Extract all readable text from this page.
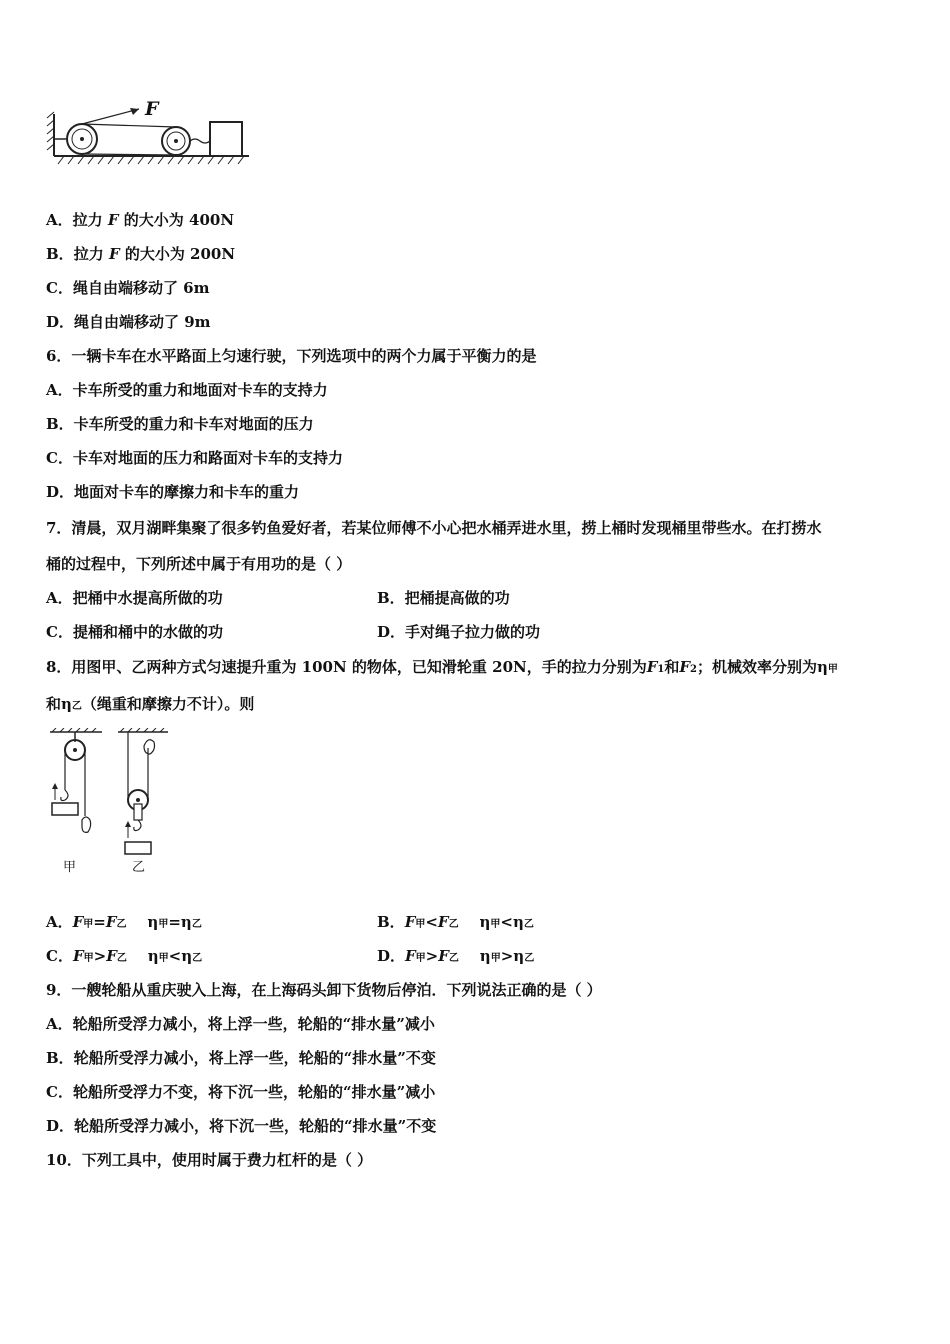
F
A．拉力 F 的大小为 400N
B．拉力 F 的大小为 200N
C．绳自由端移动了 6m
D．绳自由端移动了 9m
6．一辆卡车在水平路面上匀速行驶，下列选项中的两个力属于平衡力的是
A．卡车所受的重力和地面对卡车的支持力
B．卡车所受的重力和卡车对地面的压力
C．卡车对地面的压力和路面对卡车的支持力
D．地面对卡车的摩擦力和卡车的重力
7．清晨，双月湖畔集聚了很多钓鱼爱好者，若某位师傅不小心把水桶弄进水里，捞上桶时发现桶里带些水。在打捞水
桶的过程中，下列所述中属于有用功的是（ ）
A．把桶中水提高所做的功	B．把桶提高做的功
C．提桶和桶中的水做的功	D．手对绳子拉力做的功
8．用图甲、乙两种方式匀速提升重为 100N 的物体，已知滑轮重 20N，手的拉力分别为F1和F2；机械效率分别为η甲
和η乙（绳重和摩擦力不计）。则
甲	乙
A．F甲=F乙 η甲=η乙	B．F甲<F乙 η甲<η乙
C．F甲>F乙 η甲<η乙	D．F甲>F乙 η甲>η乙
9．一艘轮船从重庆驶入上海，在上海码头卸下货物后停泊．下列说法正确的是（ ）
A．轮船所受浮力减小，将上浮一些，轮船的“排水量”减小
B．轮船所受浮力减小，将上浮一些，轮船的“排水量”不变
C．轮船所受浮力不变，将下沉一些，轮船的“排水量”减小
D．轮船所受浮力减小，将下沉一些，轮船的“排水量”不变
10．下列工具中，使用时属于费力杠杆的是（ ）
